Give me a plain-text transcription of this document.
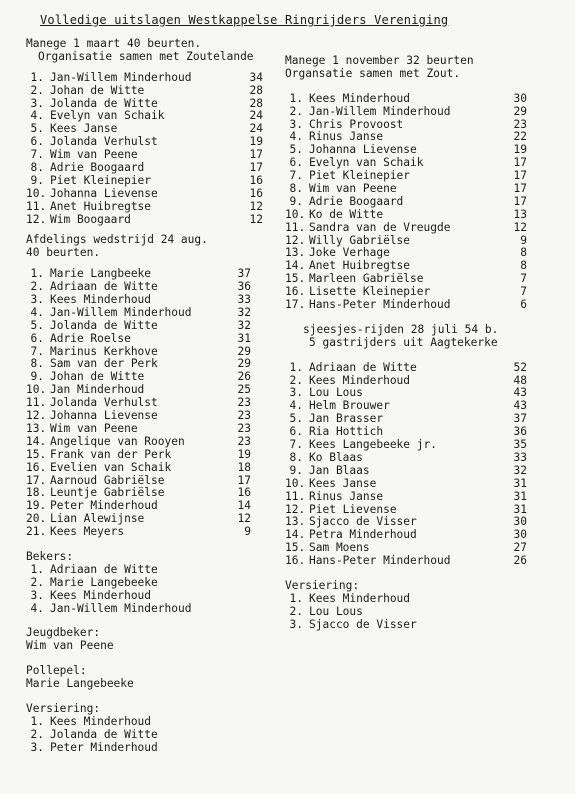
Volledige uitslagen Westkappelse Ringrijders Vereniging
Manege 1 maart 40 beurten.
Organisatie samen met Zoutelande
1. Jan-Willem Minderhoud	34
2. Johan de Witte	28
3. Jolanda de Witte	28
4. Evelyn van Schaik	24
5. Kees Janse	24
6. Jolanda Verhulst	19
7. Wim van Peene	17
8. Adrie Boogaard	17
9. Piet Kleinepier	16
10. Johanna Lievense	16
11. Anet Huibregtse	12
12. Wim Boogaard	12
Afdelings wedstrijd 24 aug.
40 beurten.
1. Marie Langbeeke	37
2. Adriaan de Witte	36
3. Kees Minderhoud	33
4. Jan-Willem Minderhoud	32
5. Jolanda de Witte	32
6. Adrie Roelse	31
7. Marinus Kerkhove	29
8. Sam van der Perk	29
9. Johan de Witte	26
10. Jan Minderhoud	25
11. Jolanda Verhulst	23
12. Johanna Lievense	23
13. Wim van Peene	23
14. Angelique van Rooyen	23
15. Frank van der Perk	19
16. Evelien van Schaik	18
17. Aarnoud Gabriëlse	17
18. Leuntje Gabriëlse	16
19. Peter Minderhoud	14
20. Lian Alewijnse	12
21. Kees Meyers	9
Bekers:
1. Adriaan de Witte
2. Marie Langebeeke
3. Kees Minderhoud
4. Jan-Willem Minderhoud
Jeugdbeker:
Wim van Peene
Pollepel:
Marie Langebeeke
Versiering:
1. Kees Minderhoud
2. Jolanda de Witte
3. Peter Minderhoud
Manege 1 november 32 beurten
Organsatie samen met Zout.
1. Kees Minderhoud	30
2. Jan-Willem Minderhoud	29
3. Chris Provoost	23
4. Rinus Janse	22
5. Johanna Lievense	19
6. Evelyn van Schaik	17
7. Piet Kleinepier	17
8. Wim van Peene	17
9. Adrie Boogaard	17
10. Ko de Witte	13
11. Sandra van de Vreugde	12
12. Willy Gabriëlse	9
13. Joke Verhage	8
14. Anet Huibregtse	8
15. Marleen Gabriëlse	7
16. Lisette Kleinepier	7
17. Hans-Peter Minderhoud	6
sjeesjes-rijden 28 juli 54 b.
5 gastrijders uit Aagtekerke
1. Adriaan de Witte	52
2. Kees Minderhoud	48
3. Lou Lous	43
4. Helm Brouwer	43
5. Jan Brasser	37
6. Ria Hottich	36
7. Kees Langebeeke jr.	35
8. Ko Blaas	33
9. Jan Blaas	32
10. Kees Janse	31
11. Rinus Janse	31
12. Piet Lievense	31
13. Sjacco de Visser	30
14. Petra Minderhoud	30
15. Sam Moens	27
16. Hans-Peter Minderhoud	26
Versiering:
1. Kees Minderhoud
2. Lou Lous
3. Sjacco de Visser
